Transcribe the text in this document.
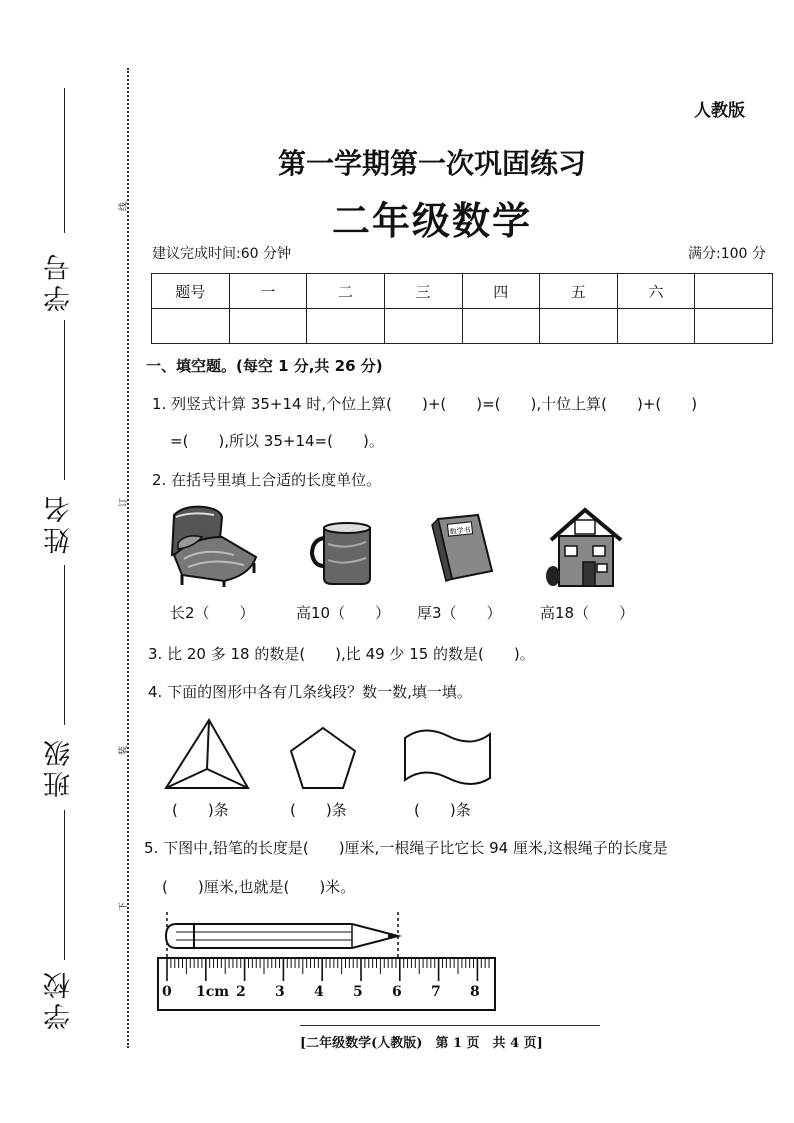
学号
姓名
班级
学校
线
订
装
下
人教版
第一学期第一次巩固练习
二年级数学
建议完成时间:60 分钟	满分:100 分
题号	一	二	三	四	五	六	

一、填空题。(每空 1 分,共 26 分)
1. 列竖式计算 35+14 时,个位上算(　　)+(　　)=(　　),十位上算(　　)+(　　)
=(　　),所以 35+14=(　　)。
2. 在括号里填上合适的长度单位。
数学书
长2（　　）	高10（　　） 厚3（　　）	高18（　　）
3. 比 20 多 18 的数是(　　),比 49 少 15 的数是(　　)。
4. 下面的图形中各有几条线段？数一数,填一填。
(　　)条	(　　)条	(　　)条
5. 下图中,铅笔的长度是(　　)厘米,一根绳子比它长 94 厘米,这根绳子的长度是
(　　)厘米,也就是(　　)米。
0 1cm 2 3 4 5 6 7 8
[二年级数学(人教版)　第 1 页　共 4 页]
